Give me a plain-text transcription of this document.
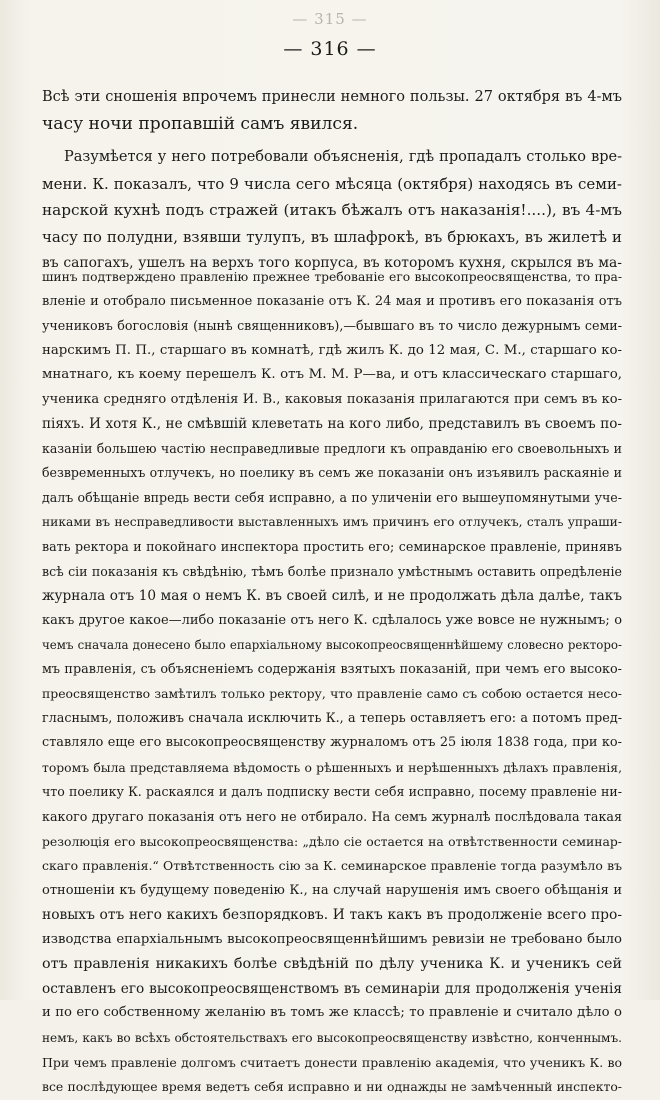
— 315 —
— 316 —
Всѣ эти сношенія впрочемъ принесли немного пользы. 27 октября въ 4-мъ
часу ночи пропавшій самъ явился.
Разумѣется у него потребовали объясненія, гдѣ пропадалъ столько вре-
мени. К. показалъ, что 9 числа сего мѣсяца (октября) находясь въ семи-
нарской кухнѣ подъ стражей (итакъ бѣжалъ отъ наказанія!....), въ 4-мъ
часу по полудни, взявши тулупъ, въ шлафрокѣ, въ брюкахъ, въ жилетѣ и
въ сапогахъ, ушелъ на верхъ того корпуса, въ которомъ кухня, скрылся въ ма-
шинъ подтверждено правленію прежнее требованіе его высокопреосвященства, то пра-
вленіе и отобрало письменное показаніе отъ К. 24 мая и противъ его показанія отъ
учениковъ богословія (нынѣ священниковъ),—бывшаго въ то число дежурнымъ семи-
нарскимъ П. П., старшаго въ комнатѣ, гдѣ жилъ К. до 12 мая, С. М., старшаго ко-
мнатнаго, къ коему перешелъ К. отъ М. М. Р—ва, и отъ классическаго старшаго,
ученика средняго отдѣленія И. В., каковыя показанія прилагаются при семъ въ ко-
піяхъ. И хотя К., не смѣвшій клеветать на кого либо, представилъ въ своемъ по-
казаніи большею частію несправедливые предлоги къ оправданію его своевольныхъ и
безвременныхъ отлучекъ, но поелику въ семъ же показаніи онъ изъявилъ раскаяніе и
далъ обѣщаніе впредь вести себя исправно, а по уличеніи его вышеупомянутыми уче-
никами въ несправедливости выставленныхъ имъ причинъ его отлучекъ, сталъ упраши-
вать ректора и покойнаго инспектора простить его; семинарское правленіе, принявъ
всѣ сіи показанія къ свѣдѣнію, тѣмъ болѣе признало умѣстнымъ оставить опредѣленіе
журнала отъ 10 мая о немъ К. въ своей силѣ, и не продолжать дѣла далѣе, такъ
какъ другое какое—либо показаніе отъ него К. сдѣлалось уже вовсе не нужнымъ; о
чемъ сначала донесено было епархіальному высокопреосвященнѣйшему словесно ректоро-
мъ правленія, съ объясненіемъ содержанія взятыхъ показаній, при чемъ его высоко-
преосвященство замѣтилъ только ректору, что правленіе само съ собою остается несо-
гласнымъ, положивъ сначала исключить К., а теперь оставляетъ его: а потомъ пред-
ставляло еще его высокопреосвященству журналомъ отъ 25 іюля 1838 года, при ко-
торомъ была представляема вѣдомость о рѣшенныхъ и нерѣшенныхъ дѣлахъ правленія,
что поелику К. раскаялся и далъ подписку вести себя исправно, посему правленіе ни-
какого другаго показанія отъ него не отбирало. На семъ журналѣ послѣдовала такая
резолюція его высокопреосвященства: „дѣло сіе остается на отвѣтственности семинар-
скаго правленія.“ Отвѣтственность сію за К. семинарское правленіе тогда разумѣло въ
отношеніи къ будущему поведенію К., на случай нарушенія имъ своего обѣщанія и
новыхъ отъ него какихъ безпорядковъ. И такъ какъ въ продолженіе всего про-
изводства епархіальнымъ высокопреосвященнѣйшимъ ревизіи не требовано было
отъ правленія никакихъ болѣе свѣдѣній по дѣлу ученика К. и ученикъ сей
оставленъ его высокопреосвященствомъ въ семинаріи для продолженія ученія
и по его собственному желанію въ томъ же классѣ; то правленіе и считало дѣло о
немъ, какъ во всѣхъ обстоятельствахъ его высокопреосвященству извѣстно, конченнымъ.
При чемъ правленіе долгомъ считаетъ донести правленію академія, что ученикъ К. во
все послѣдующее время ведетъ себя исправно и ни однажды не замѣченный инспекто-
